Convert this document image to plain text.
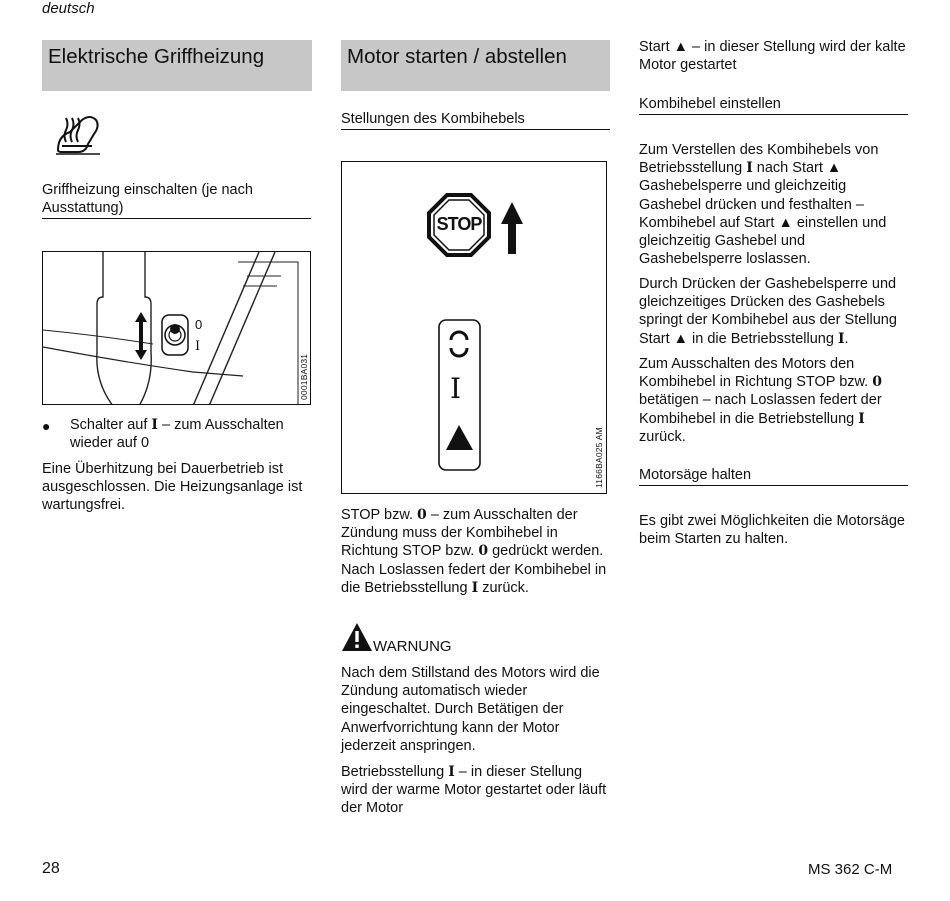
deutsch
Elektrische Griffheizung
Griffheizung einschalten (je nach Ausstattung)
0
I
0001BA031
● Schalter auf I – zum Ausschalten wieder auf 0

Eine Überhitzung bei Dauerbetrieb ist ausgeschlossen. Die Heizungsanlage ist wartungsfrei.

Motor starten / abstellen
Stellungen des Kombihebels
STOP
I
1166BA025 AM

STOP bzw. 0 – zum Ausschalten der Zündung muss der Kombihebel in Richtung STOP bzw. 0 gedrückt werden. Nach Loslassen federt der Kombihebel in die Betriebsstellung I zurück.

WARNUNG

Nach dem Stillstand des Motors wird die Zündung automatisch wieder eingeschaltet. Durch Betätigen der Anwerfvorrichtung kann der Motor jederzeit anspringen.

Betriebsstellung I – in dieser Stellung wird der warme Motor gestartet oder läuft der Motor

Start ▲ – in dieser Stellung wird der kalte Motor gestartet

Kombihebel einstellen

Zum Verstellen des Kombihebels von Betriebsstellung I nach Start ▲ Gashebelsperre und gleichzeitig Gashebel drücken und festhalten – Kombihebel auf Start ▲ einstellen und gleichzeitig Gashebel und Gashebelsperre loslassen.

Durch Drücken der Gashebelsperre und gleichzeitiges Drücken des Gashebels springt der Kombihebel aus der Stellung Start ▲ in die Betriebsstellung I.

Zum Ausschalten des Motors den Kombihebel in Richtung STOP bzw. 0 betätigen – nach Loslassen federt der Kombihebel in die Betriebstellung I zurück.

Motorsäge halten

Es gibt zwei Möglichkeiten die Motorsäge beim Starten zu halten.

28	MS 362 C-M
